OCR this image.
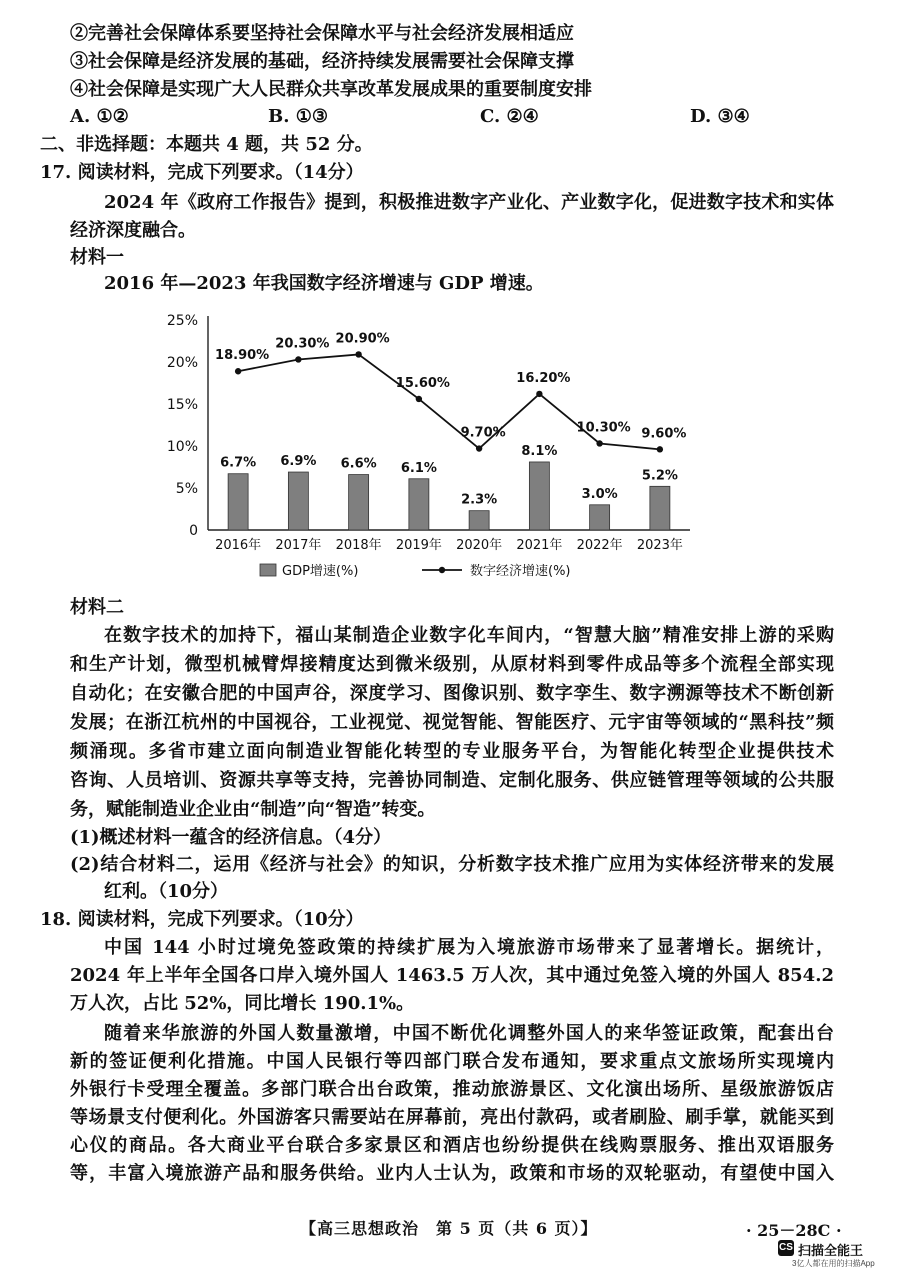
②完善社会保障体系要坚持社会保障水平与社会经济发展相适应
③社会保障是经济发展的基础，经济持续发展需要社会保障支撑
④社会保障是实现广大人民群众共享改革发展成果的重要制度安排
A. ①②	B. ①③	C. ②④	D. ③④
二、非选择题：本题共 4 题，共 52 分。
17. 阅读材料，完成下列要求。（14分）
2024 年《政府工作报告》提到，积极推进数字产业化、产业数字化，促进数字技术和实体
经济深度融合。
材料一
2016 年—2023 年我国数字经济增速与 GDP 增速。
0
5%
10%
15%
20%
25%
2016年 2017年 2018年 2019年 2020年 2021年 2022年 2023年
6.7% 6.9% 6.6% 6.1%
2.3%
8.1%
3.0%
5.2%
18.90%
20.30% 20.90%
15.60%
9.70%
16.20%
10.30% 9.60%
GDP增速(%)	数字经济增速(%)
材料二
在数字技术的加持下，福山某制造企业数字化车间内，“智慧大脑”精准安排上游的采购
和生产计划，微型机械臂焊接精度达到微米级别，从原材料到零件成品等多个流程全部实现
自动化；在安徽合肥的中国声谷，深度学习、图像识别、数字孪生、数字溯源等技术不断创新
发展；在浙江杭州的中国视谷，工业视觉、视觉智能、智能医疗、元宇宙等领域的“黑科技”频
频涌现。多省市建立面向制造业智能化转型的专业服务平台，为智能化转型企业提供技术
咨询、人员培训、资源共享等支持，完善协同制造、定制化服务、供应链管理等领域的公共服
务，赋能制造业企业由“制造”向“智造”转变。
(1)概述材料一蕴含的经济信息。（4分）
(2)结合材料二，运用《经济与社会》的知识，分析数字技术推广应用为实体经济带来的发展
红利。（10分）
18. 阅读材料，完成下列要求。（10分）
中国 144 小时过境免签政策的持续扩展为入境旅游市场带来了显著增长。据统计，
2024 年上半年全国各口岸入境外国人 1463.5 万人次，其中通过免签入境的外国人 854.2
万人次，占比 52%，同比增长 190.1%。
随着来华旅游的外国人数量激增，中国不断优化调整外国人的来华签证政策，配套出台
新的签证便利化措施。中国人民银行等四部门联合发布通知，要求重点文旅场所实现境内
外银行卡受理全覆盖。多部门联合出台政策，推动旅游景区、文化演出场所、星级旅游饭店
等场景支付便利化。外国游客只需要站在屏幕前，亮出付款码，或者刷脸、刷手掌，就能买到
心仪的商品。各大商业平台联合多家景区和酒店也纷纷提供在线购票服务、推出双语服务
等，丰富入境旅游产品和服务供给。业内人士认为，政策和市场的双轮驱动，有望使中国入
【高三思想政治　第 5 页（共 6 页）】	· 25－28C ·
CS 扫描全能王
3亿人都在用的扫描App
